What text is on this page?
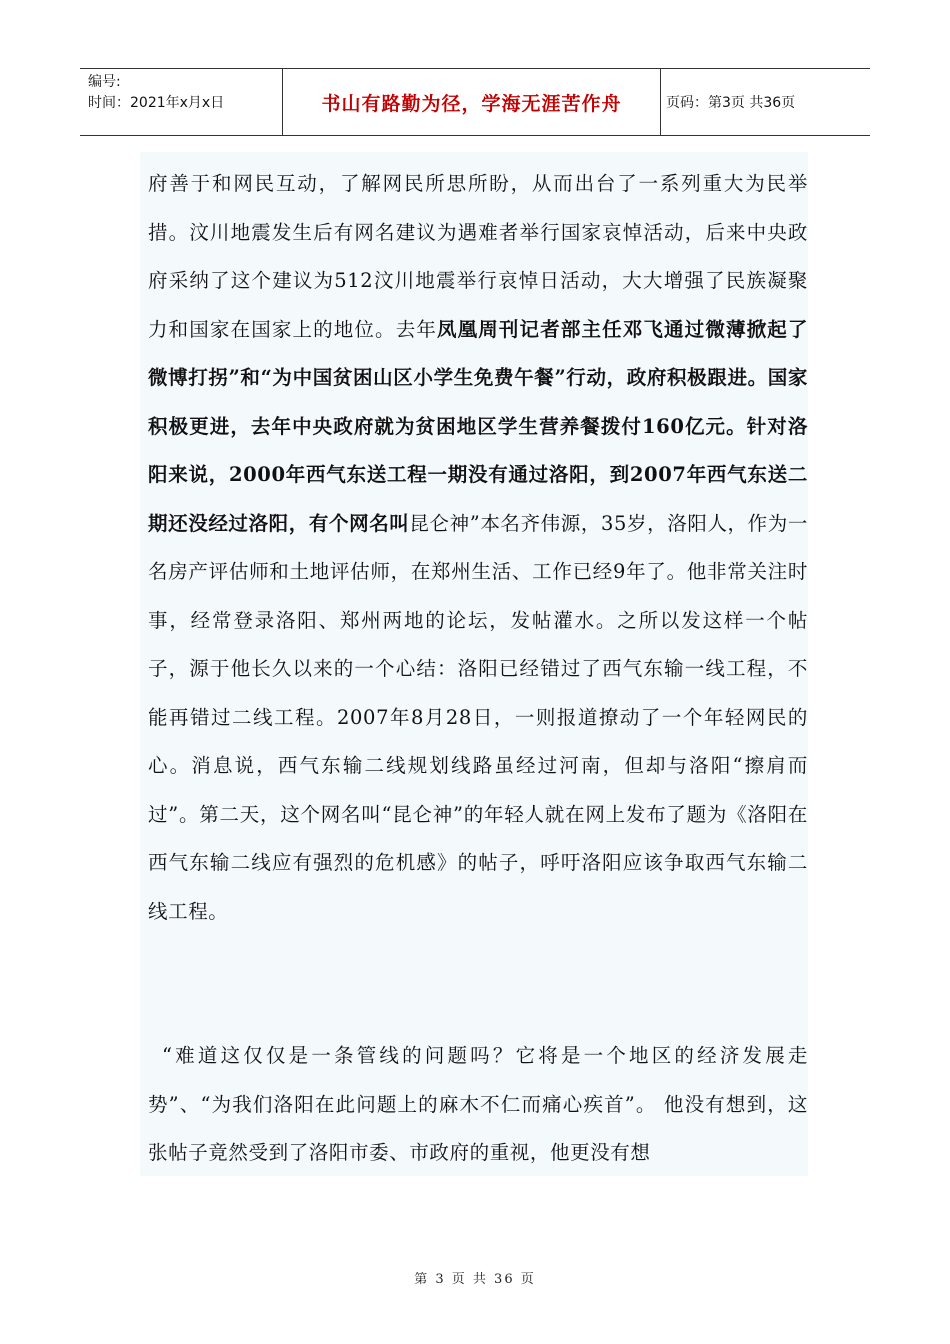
编号:
时间：2021年x月x日	书山有路勤为径，学海无涯苦作舟	页码：第3页 共36页

府善于和网民互动，了解网民所思所盼，从而出台了一系列重大为民举措。汶川地震发生后有网名建议为遇难者举行国家哀悼活动，后来中央政府采纳了这个建议为512汶川地震举行哀悼日活动，大大增强了民族凝聚力和国家在国家上的地位。去年凤凰周刊记者部主任邓飞通过微薄掀起了微博打拐”和“为中国贫困山区小学生免费午餐”行动，政府积极跟进。国家积极更进，去年中央政府就为贫困地区学生营养餐拨付160亿元。针对洛阳来说，2000年西气东送工程一期没有通过洛阳，到2007年西气东送二期还没经过洛阳，有个网名叫昆仑神”本名齐伟源，35岁，洛阳人，作为一名房产评估师和土地评估师，在郑州生活、工作已经9年了。他非常关注时事，经常登录洛阳、郑州两地的论坛，发帖灌水。之所以发这样一个帖子，源于他长久以来的一个心结：洛阳已经错过了西气东输一线工程，不能再错过二线工程。2007年8月28日，一则报道撩动了一个年轻网民的心。消息说，西气东输二线规划线路虽经过河南，但却与洛阳“擦肩而过”。第二天，这个网名叫“昆仑神”的年轻人就在网上发布了题为《洛阳在西气东输二线应有强烈的危机感》的帖子，呼吁洛阳应该争取西气东输二线工程。

“难道这仅仅是一条管线的问题吗？它将是一个地区的经济发展走势”、“为我们洛阳在此问题上的麻木不仁而痛心疾首”。 他没有想到，这张帖子竟然受到了洛阳市委、市政府的重视，他更没有想

第 3 页 共 36 页
